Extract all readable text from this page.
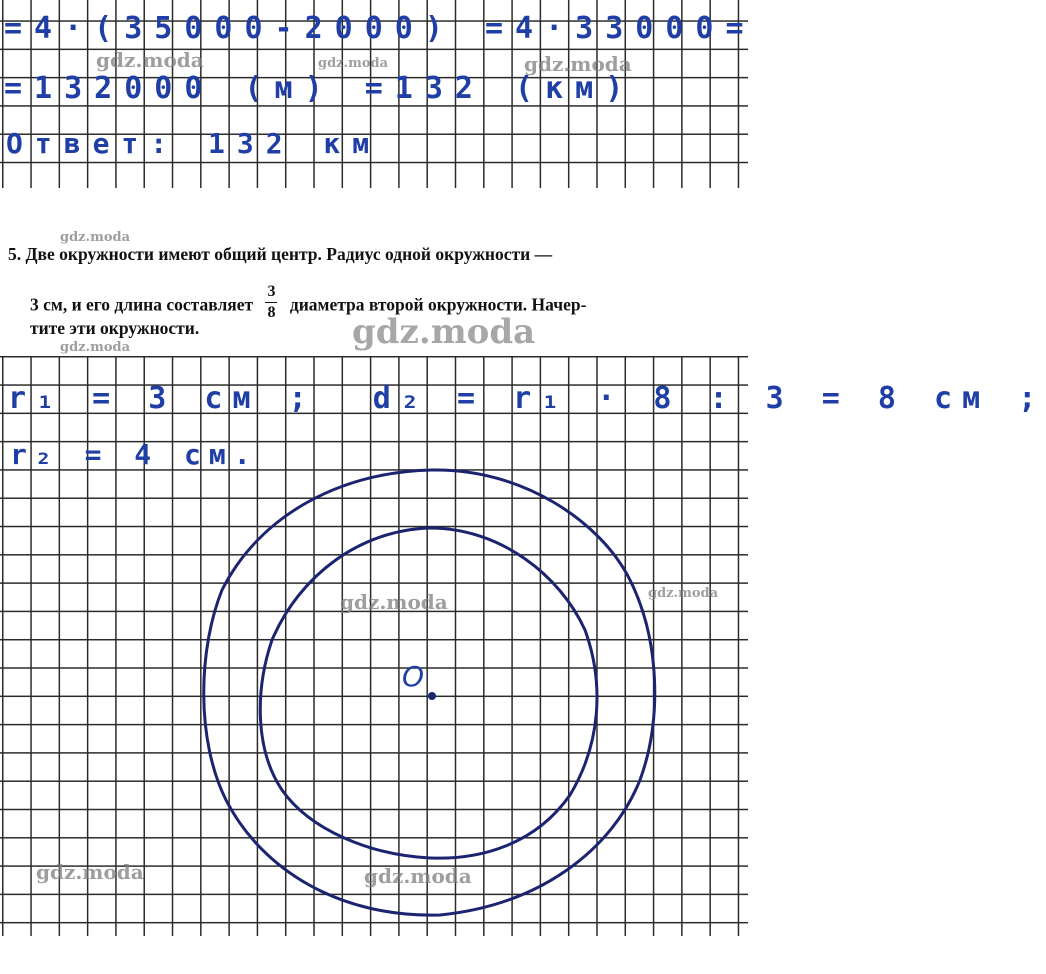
=4·(35000-2000) =4·33000=
=132000 (м) =132 (км)
Ответ: 132 км
5. Две окружности имеют общий центр. Радиус одной окружности —
3 см, и его длина составляет $\frac{3}{8}$ диаметра второй окружности. Начер-
тите эти окружности.
r₁ = 3 см ;  d₂ = r₁ · 8 : 3 = 8 см ;
r₂ = 4 см.
O
gdz.moda	gdz.moda	gdz.moda
gdz.moda
gdz.moda
gdz.moda
gdz.moda	gdz.moda
gdz.moda	gdz.moda
